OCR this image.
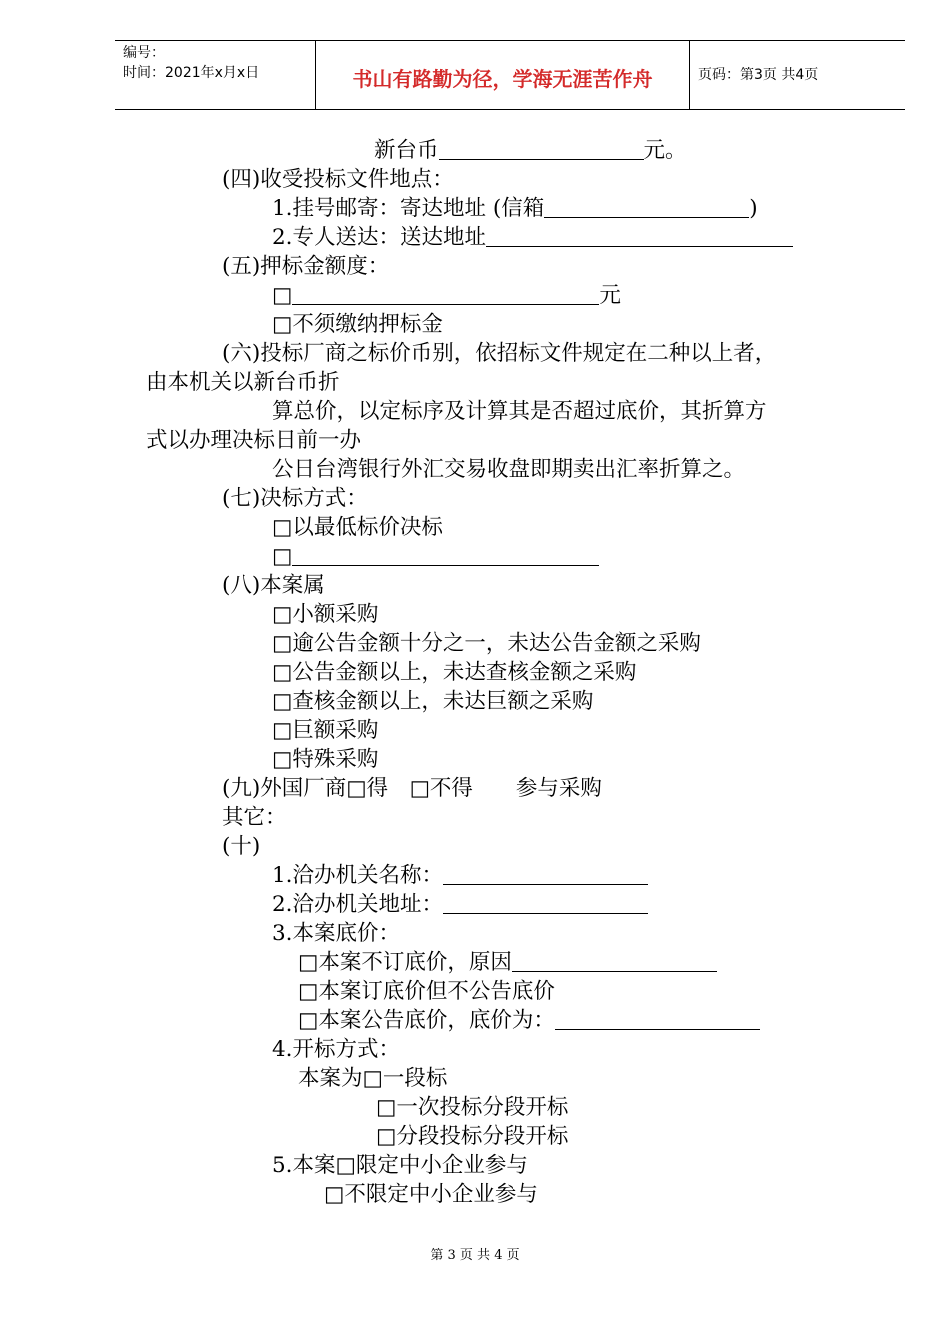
编号：
时间：2021年x月x日	书山有路勤为径，学海无涯苦作舟	页码：第3页 共4页
新台币	元。
(四)收受投标文件地点：
1.挂号邮寄：寄达地址 (信箱	)
2.专人送达：送达地址
(五)押标金额度：
□	元
□不须缴纳押标金
(六)投标厂商之标价币别，依招标文件规定在二种以上者，
由本机关以新台币折
算总价，以定标序及计算其是否超过底价，其折算方
式以办理决标日前一办
公日台湾银行外汇交易收盘即期卖出汇率折算之。
(七)决标方式：
□以最低标价决标
□
(八)本案属
□小额采购
□逾公告金额十分之一，未达公告金额之采购
□公告金额以上，未达查核金额之采购
□查核金额以上，未达巨额之采购
□巨额采购
□特殊采购
(九)外国厂商□得　□不得　　参与采购
其它：
(十)
1.洽办机关名称：
2.洽办机关地址：
3.本案底价：
□本案不订底价，原因
□本案订底价但不公告底价
□本案公告底价，底价为：
4.开标方式：
本案为□一段标
□一次投标分段开标
□分段投标分段开标
5.本案□限定中小企业参与
□不限定中小企业参与
第 3 页 共 4 页
